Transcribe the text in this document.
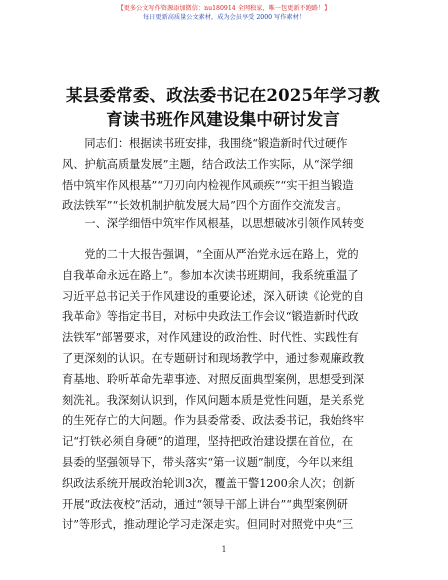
【更多公文写作资源添加微信：nu180914 全网独家，唯一包更新不跑路！】
每日更新高质量公文素材，成为会员享受 2000 写作素材！
某县委常委、政法委书记在2025年学习教育读书班作风建设集中研讨发言
　　同志们：根据读书班安排，我围绕“锻造新时代过硬作
风、护航高质量发展”主题，结合政法工作实际，从“深学细
悟中筑牢作风根基”“刀刃向内检视作风顽疾”“实干担当锻造
政法铁军”“长效机制护航发展大局”四个方面作交流发言。
　　一、深学细悟中筑牢作风根基，以思想破冰引领作风转变
　　党的二十大报告强调，“全面从严治党永远在路上，党的
自我革命永远在路上”。参加本次读书班期间，我系统重温了
习近平总书记关于作风建设的重要论述，深入研读《论党的自
我革命》等指定书目，对标中央政法工作会议“锻造新时代政
法铁军”部署要求，对作风建设的政治性、时代性、实践性有
了更深刻的认识。在专题研讨和现场教学中，通过参观廉政教
育基地、聆听革命先辈事迹、对照反面典型案例，思想受到深
刻洗礼。我深刻认识到，作风问题本质是党性问题，是关系党
的生死存亡的大问题。作为县委常委、政法委书记，我始终牢
记“打铁必须自身硬”的道理，坚持把政治建设摆在首位，在
县委的坚强领导下，带头落实“第一议题”制度，今年以来组
织政法系统开展政治轮训3次，覆盖干警1200余人次；创新
开展“政法夜校”活动，通过“领导干部上讲台”“典型案例研
讨”等形式，推动理论学习走深走实。但同时对照党中央“三
1
